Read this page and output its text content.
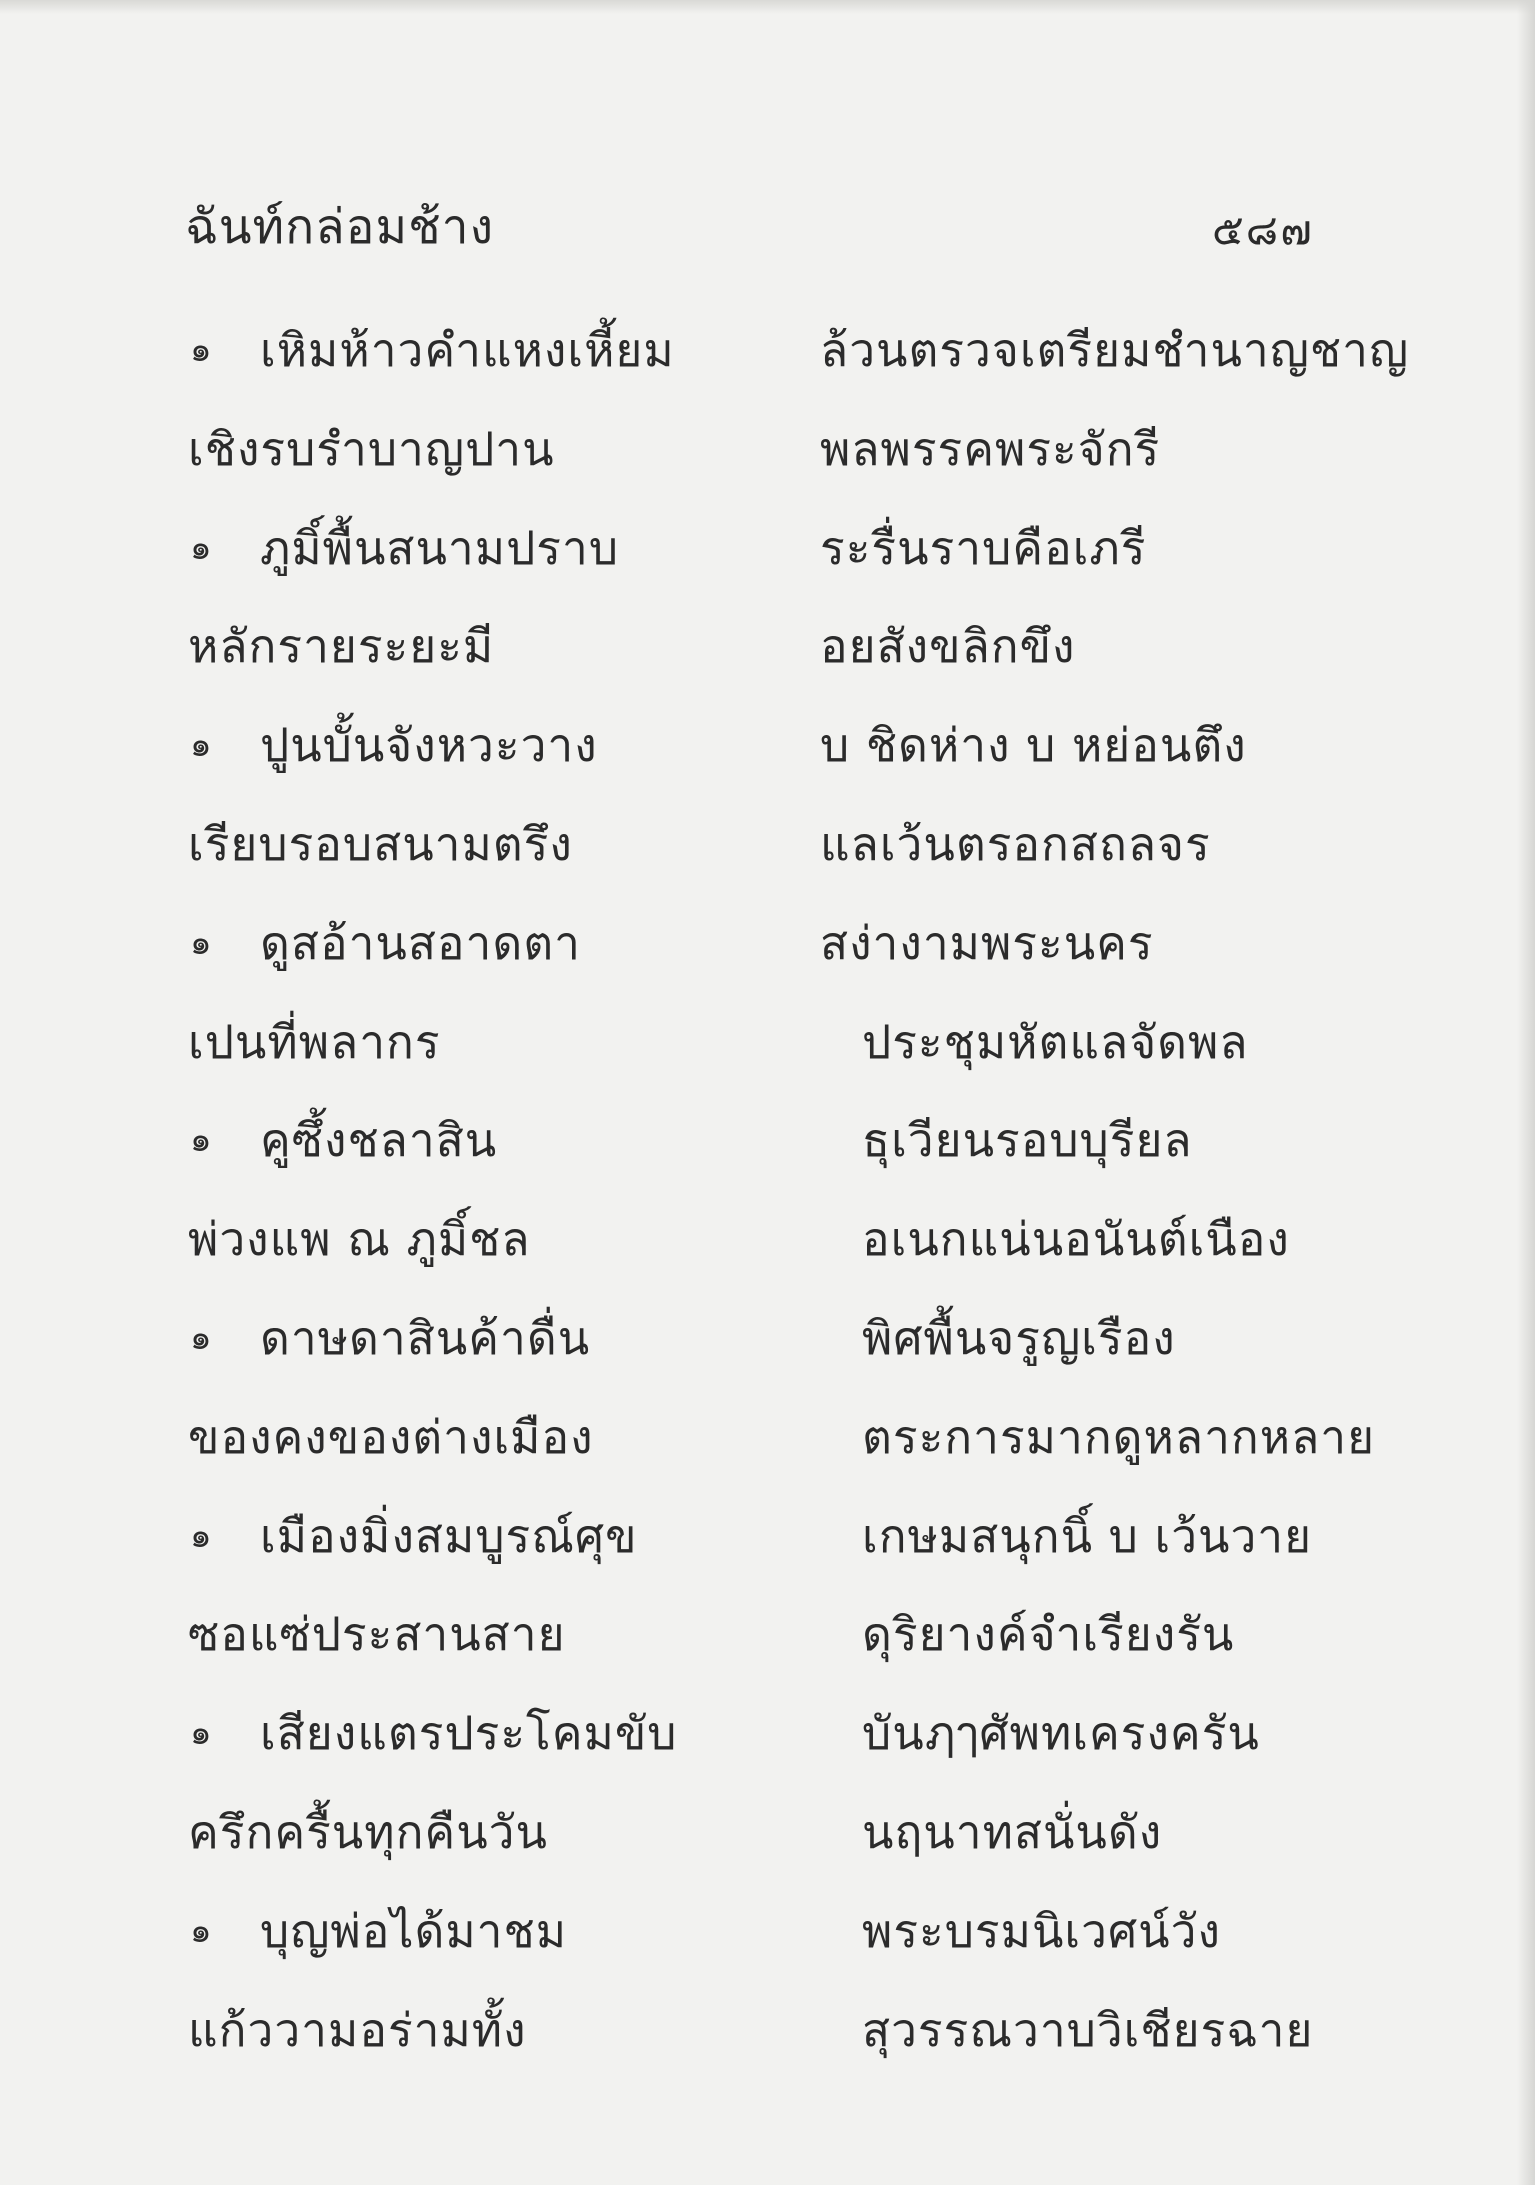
ฉันท์กล่อมช้าง	๕๘๗
๑ เหิมห้าวคำแหงเหี้ยม	ล้วนตรวจเตรียมชำนาญชาญ
เชิงรบรำบาญปาน	พลพรรคพระจักรี
๑ ภูมิ์พื้นสนามปราบ	ระรื่นราบคือเภรี
หลักรายระยะมี	อยสังขลิกขึง
๑ ปูนบั้นจังหวะวาง	บ ชิดห่าง บ หย่อนตึง
เรียบรอบสนามตรึง	แลเว้นตรอกสถลจร
๑ ดูสอ้านสอาดตา	สง่างามพระนคร
เปนที่พลากร	ประชุมหัตแลจัดพล
๑ คูซึ้งชลาสิน	ธุเวียนรอบบุรียล
พ่วงแพ ณ ภูมิ์ชล	อเนกแน่นอนันต์เนือง
๑ ดาษดาสินค้าดื่น	พิศพื้นจรูญเรือง
ของคงของต่างเมือง	ตระการมากดูหลากหลาย
๑ เมืองมิ่งสมบูรณ์ศุข	เกษมสนุกนิ์ บ เว้นวาย
ซอแซ่ประสานสาย	ดุริยางค์จำเรียงรัน
๑ เสียงแตรประโคมขับ	บันฦๅศัพทเครงครัน
ครึกครื้นทุกคืนวัน	นฤนาทสนั่นดัง
๑ บุญพ่อได้มาชม	พระบรมนิเวศน์วัง
แก้ววามอร่ามทั้ง	สุวรรณวาบวิเชียรฉาย
